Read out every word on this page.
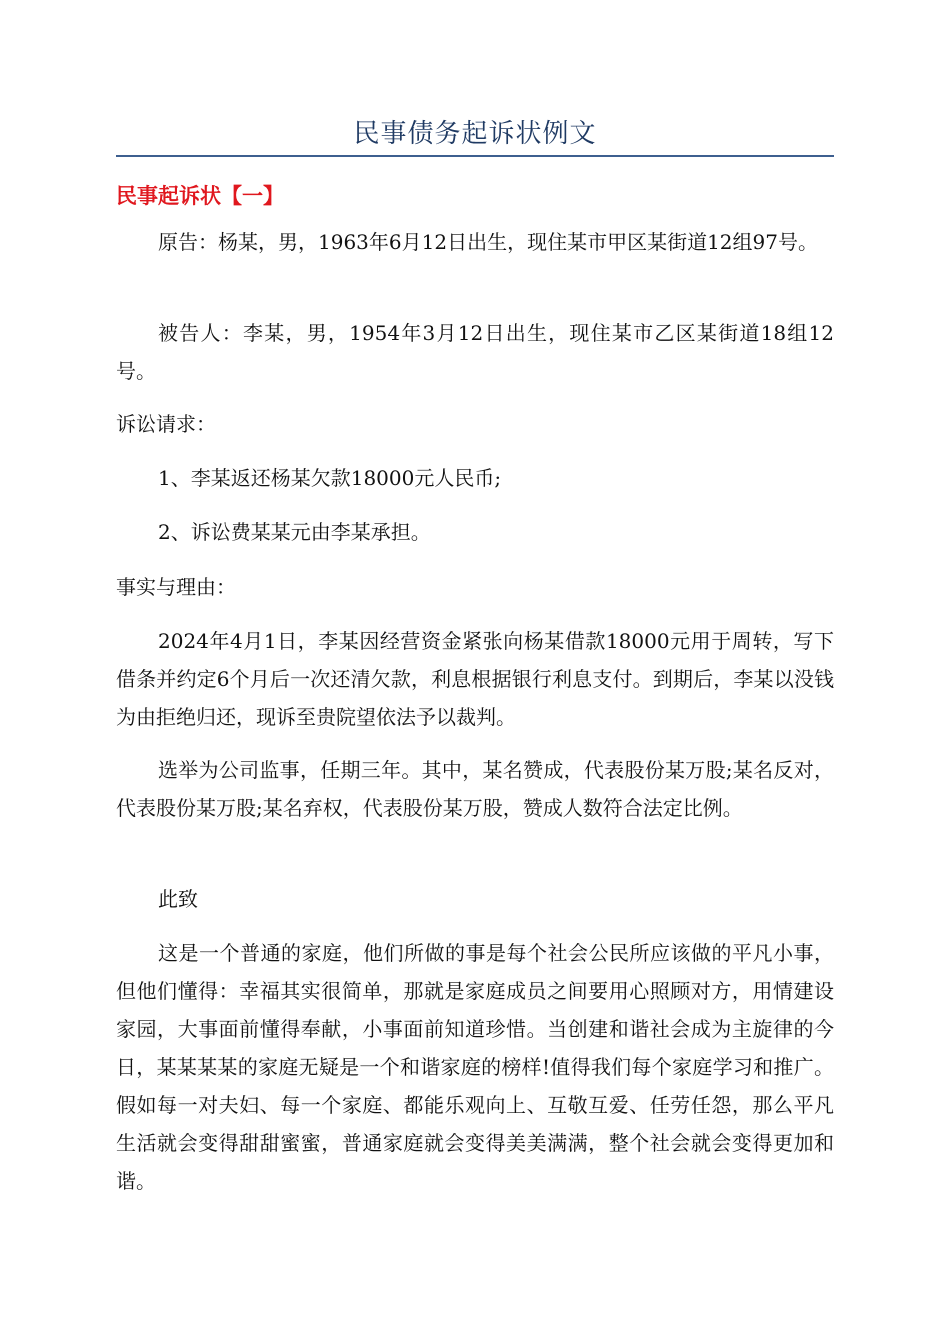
民事债务起诉状例文
民事起诉状【一】

原告：杨某，男，1963年6月12日出生，现住某市甲区某街道12组97号。

被告人：李某，男，1954年3月12日出生，现住某市乙区某街道18组12号。

诉讼请求：

1、李某返还杨某欠款18000元人民币;

2、诉讼费某某元由李某承担。

事实与理由：

2024年4月1日，李某因经营资金紧张向杨某借款18000元用于周转，写下借条并约定6个月后一次还清欠款，利息根据银行利息支付。到期后，李某以没钱为由拒绝归还，现诉至贵院望依法予以裁判。

选举为公司监事，任期三年。其中，某名赞成，代表股份某万股;某名反对，代表股份某万股;某名弃权，代表股份某万股，赞成人数符合法定比例。

此致

这是一个普通的家庭，他们所做的事是每个社会公民所应该做的平凡小事，但他们懂得：幸福其实很简单，那就是家庭成员之间要用心照顾对方，用情建设家园，大事面前懂得奉献，小事面前知道珍惜。当创建和谐社会成为主旋律的今日，某某某某的家庭无疑是一个和谐家庭的榜样!值得我们每个家庭学习和推广。假如每一对夫妇、每一个家庭、都能乐观向上、互敬互爱、任劳任怨，那么平凡生活就会变得甜甜蜜蜜，普通家庭就会变得美美满满，整个社会就会变得更加和谐。
